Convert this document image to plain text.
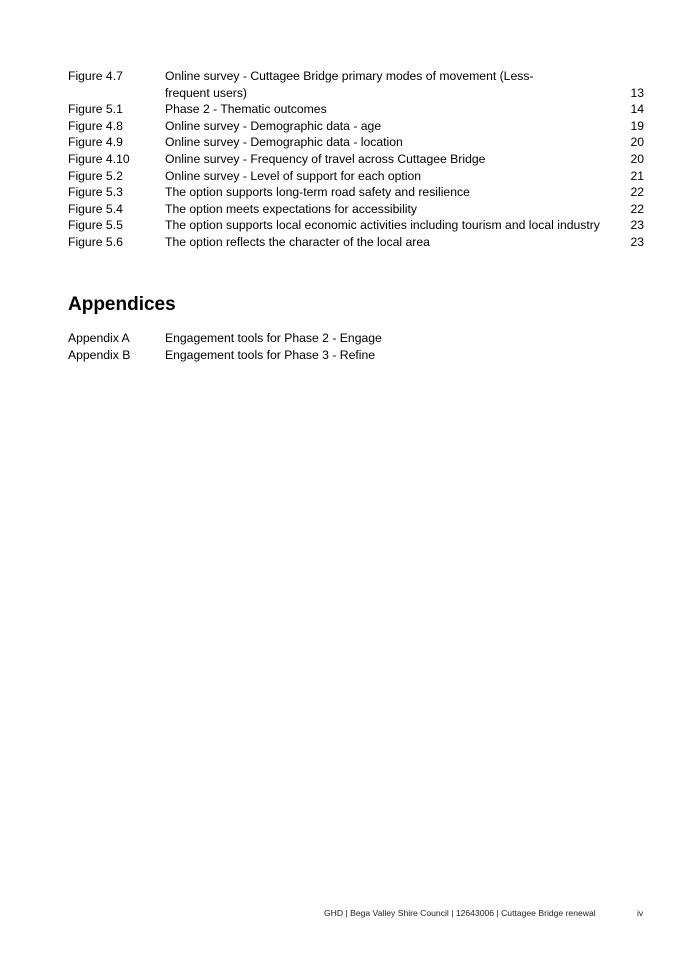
Figure 4.7	Online survey - Cuttagee Bridge primary modes of movement (Less-frequent users)	13
Figure 5.1	Phase 2 - Thematic outcomes	14
Figure 4.8	Online survey - Demographic data - age	19
Figure 4.9	Online survey - Demographic data - location	20
Figure 4.10	Online survey - Frequency of travel across Cuttagee Bridge	20
Figure 5.2	Online survey - Level of support for each option	21
Figure 5.3	The option supports long-term road safety and resilience	22
Figure 5.4	The option meets expectations for accessibility	22
Figure 5.5	The option supports local economic activities including tourism and local industry	23
Figure 5.6	The option reflects the character of the local area	23
Appendices
Appendix A	Engagement tools for Phase 2 - Engage
Appendix B	Engagement tools for Phase 3 - Refine
GHD | Bega Valley Shire Council | 12643006 | Cuttagee Bridge renewal	iv
